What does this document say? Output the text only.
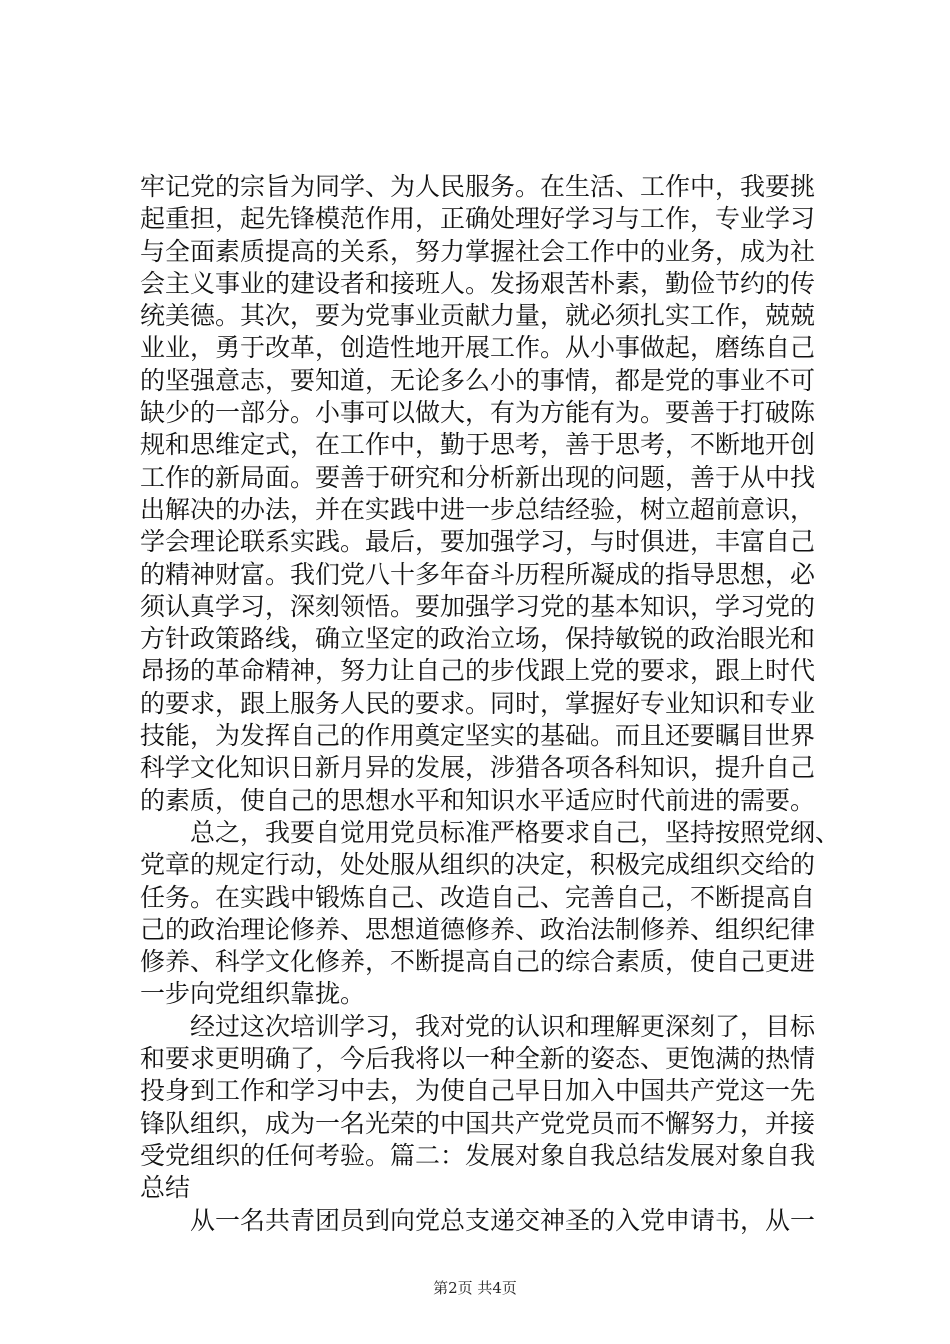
牢记党的宗旨为同学、为人民服务。在生活、工作中，我要挑
起重担，起先锋模范作用，正确处理好学习与工作，专业学习
与全面素质提高的关系，努力掌握社会工作中的业务，成为社
会主义事业的建设者和接班人。发扬艰苦朴素，勤俭节约的传
统美德。其次，要为党事业贡献力量，就必须扎实工作，兢兢
业业，勇于改革，创造性地开展工作。从小事做起，磨练自己
的坚强意志，要知道，无论多么小的事情，都是党的事业不可
缺少的一部分。小事可以做大，有为方能有为。要善于打破陈
规和思维定式，在工作中，勤于思考，善于思考，不断地开创
工作的新局面。要善于研究和分析新出现的问题，善于从中找
出解决的办法，并在实践中进一步总结经验，树立超前意识，
学会理论联系实践。最后，要加强学习，与时俱进，丰富自己
的精神财富。我们党八十多年奋斗历程所凝成的指导思想，必
须认真学习，深刻领悟。要加强学习党的基本知识，学习党的
方针政策路线，确立坚定的政治立场，保持敏锐的政治眼光和
昂扬的革命精神，努力让自己的步伐跟上党的要求，跟上时代
的要求，跟上服务人民的要求。同时，掌握好专业知识和专业
技能，为发挥自己的作用奠定坚实的基础。而且还要瞩目世界
科学文化知识日新月异的发展，涉猎各项各科知识，提升自己
的素质，使自己的思想水平和知识水平适应时代前进的需要。
总之，我要自觉用党员标准严格要求自己，坚持按照党纲、
党章的规定行动，处处服从组织的决定，积极完成组织交给的
任务。在实践中锻炼自己、改造自己、完善自己，不断提高自
己的政治理论修养、思想道德修养、政治法制修养、组织纪律
修养、科学文化修养，不断提高自己的综合素质，使自己更进
一步向党组织靠拢。
经过这次培训学习，我对党的认识和理解更深刻了，目标
和要求更明确了，今后我将以一种全新的姿态、更饱满的热情
投身到工作和学习中去，为使自己早日加入中国共产党这一先
锋队组织，成为一名光荣的中国共产党党员而不懈努力，并接
受党组织的任何考验。篇二：发展对象自我总结发展对象自我
总结
从一名共青团员到向党总支递交神圣的入党申请书，从一
第2页 共4页
